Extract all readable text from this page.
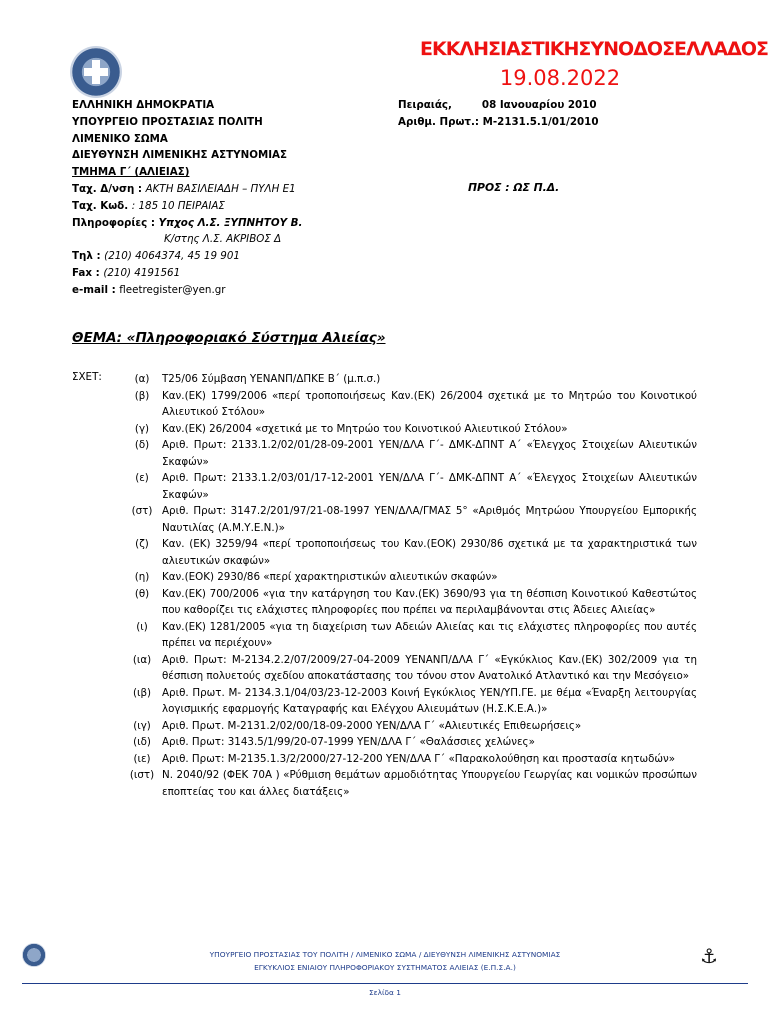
ΕΚΚΛΗΣΙΑΣΤΙΚΗΣΥΝΟΔΟΣΕΛΛΑΔΟΣ
19.08.2022
ΕΛΛΗΝΙΚΗ ΔΗΜΟΚΡΑΤΙΑ
ΥΠΟΥΡΓΕΙΟ ΠΡΟΣΤΑΣΙΑΣ ΠΟΛΙΤΗ
ΛΙΜΕΝΙΚΟ ΣΩΜΑ
ΔΙΕΥΘΥΝΣΗ ΛΙΜΕΝΙΚΗΣ ΑΣΤΥΝΟΜΙΑΣ
ΤΜΗΜΑ Γ΄ (ΑΛΙΕΙΑΣ)
Ταχ. Δ/νση : ΑΚΤΗ ΒΑΣΙΛΕΙΑΔΗ – ΠΥΛΗ Ε1
Ταχ. Κωδ. : 185 10 ΠΕΙΡΑΙΑΣ
Πληροφορίες : Υπχος Λ.Σ. ΞΥΠΝΗΤΟΥ Β.
Κ/στης Λ.Σ. ΑΚΡΙΒΟΣ Δ
Τηλ : (210) 4064374, 45 19 901
Fax : (210) 4191561
e-mail : fleetregister@yen.gr
Πειραιάς,	08 Ιανουαρίου 2010
Αριθμ. Πρωτ.: Μ-2131.5.1/01/2010
ΠΡΟΣ : ΩΣ Π.Δ.
ΘΕΜΑ: «Πληροφοριακό Σύστημα Αλιείας»
ΣΧΕΤ:	(α)	Τ25/06 Σύμβαση ΥΕΝΑΝΠ/ΔΠΚΕ Β΄ (μ.π.σ.)
(β)	Καν.(ΕΚ) 1799/2006 «περί τροποποιήσεως Καν.(ΕΚ) 26/2004 σχετικά με το Μητρώο του Κοινοτικού Αλιευτικού Στόλου»
(γ)	Καν.(ΕΚ) 26/2004 «σχετικά με το Μητρώο του Κοινοτικού Αλιευτικού Στόλου»
(δ)	Αριθ. Πρωτ: 2133.1.2/02/01/28-09-2001 ΥΕΝ/ΔΛΑ Γ΄- ΔΜΚ-ΔΠΝΤ Α΄ «Έλεγχος Στοιχείων Αλιευτικών Σκαφών»
(ε)	Αριθ. Πρωτ: 2133.1.2/03/01/17-12-2001 ΥΕΝ/ΔΛΑ Γ΄- ΔΜΚ-ΔΠΝΤ Α΄ «Έλεγχος Στοιχείων Αλιευτικών Σκαφών»
(στ) Αριθ. Πρωτ: 3147.2/201/97/21-08-1997 ΥΕΝ/ΔΛΑ/ΓΜΑΣ 5° «Αριθμός Μητρώου Υπουργείου Εμπορικής Ναυτιλίας (Α.Μ.Υ.Ε.Ν.)»
(ζ)	Καν. (ΕΚ) 3259/94 «περί τροποποιήσεως του Καν.(ΕΟΚ) 2930/86 σχετικά με τα χαρακτηριστικά των αλιευτικών σκαφών»
(η)	Καν.(ΕΟΚ) 2930/86 «περί χαρακτηριστικών αλιευτικών σκαφών»
(θ)	Καν.(ΕΚ) 700/2006 «για την κατάργηση του Καν.(ΕΚ) 3690/93 για τη θέσπιση Κοινοτικού Καθεστώτος που καθορίζει τις ελάχιστες πληροφορίες που πρέπει να περιλαμβάνονται στις Άδειες Αλιείας»
(ι)	Καν.(ΕΚ) 1281/2005 «για τη διαχείριση των Αδειών Αλιείας και τις ελάχιστες πληροφορίες που αυτές πρέπει να περιέχουν»
(ια)	Αριθ. Πρωτ: Μ-2134.2.2/07/2009/27-04-2009 ΥΕΝΑΝΠ/ΔΛΑ Γ΄ «Εγκύκλιος Καν.(ΕΚ) 302/2009 για τη θέσπιση πολυετούς σχεδίου αποκατάστασης του τόνου στον Ανατολικό Ατλαντικό και την Μεσόγειο»
(ιβ)	Αριθ. Πρωτ. Μ- 2134.3.1/04/03/23-12-2003 Κοινή Εγκύκλιος ΥΕΝ/ΥΠ.ΓΕ. με θέμα «Έναρξη λειτουργίας λογισμικής εφαρμογής Καταγραφής και Ελέγχου Αλιευμάτων (Η.Σ.Κ.Ε.Α.)»
(ιγ)	Αριθ. Πρωτ. Μ-2131.2/02/00/18-09-2000 ΥΕΝ/ΔΛΑ Γ΄ «Αλιευτικές Επιθεωρήσεις»
(ιδ)	Αριθ. Πρωτ: 3143.5/1/99/20-07-1999 ΥΕΝ/ΔΛΑ Γ΄ «Θαλάσσιες χελώνες»
(ιε)	Αριθ. Πρωτ: Μ-2135.1.3/2/2000/27-12-200 ΥΕΝ/ΔΛΑ Γ΄ «Παρακολούθηση και προστασία κητωδών»
(ιστ) Ν. 2040/92 (ΦΕΚ 70Α ) «Ρύθμιση θεμάτων αρμοδιότητας Υπουργείου Γεωργίας και νομικών προσώπων εποπτείας του και άλλες διατάξεις»
ΥΠΟΥΡΓΕΙΟ ΠΡΟΣΤΑΣΙΑΣ ΤΟΥ ΠΟΛΙΤΗ / ΛΙΜΕΝΙΚΟ ΣΩΜΑ / ΔΙΕΥΘΥΝΣΗ ΛΙΜΕΝΙΚΗΣ ΑΣΤΥΝΟΜΙΑΣ
ΕΓΚΥΚΛΙΟΣ ΕΝΙΑΙΟΥ ΠΛΗΡΟΦΟΡΙΑΚΟΥ ΣΥΣΤΗΜΑΤΟΣ ΑΛΙΕΙΑΣ (Ε.Π.Σ.Α.)	⚓
Σελίδα 1
